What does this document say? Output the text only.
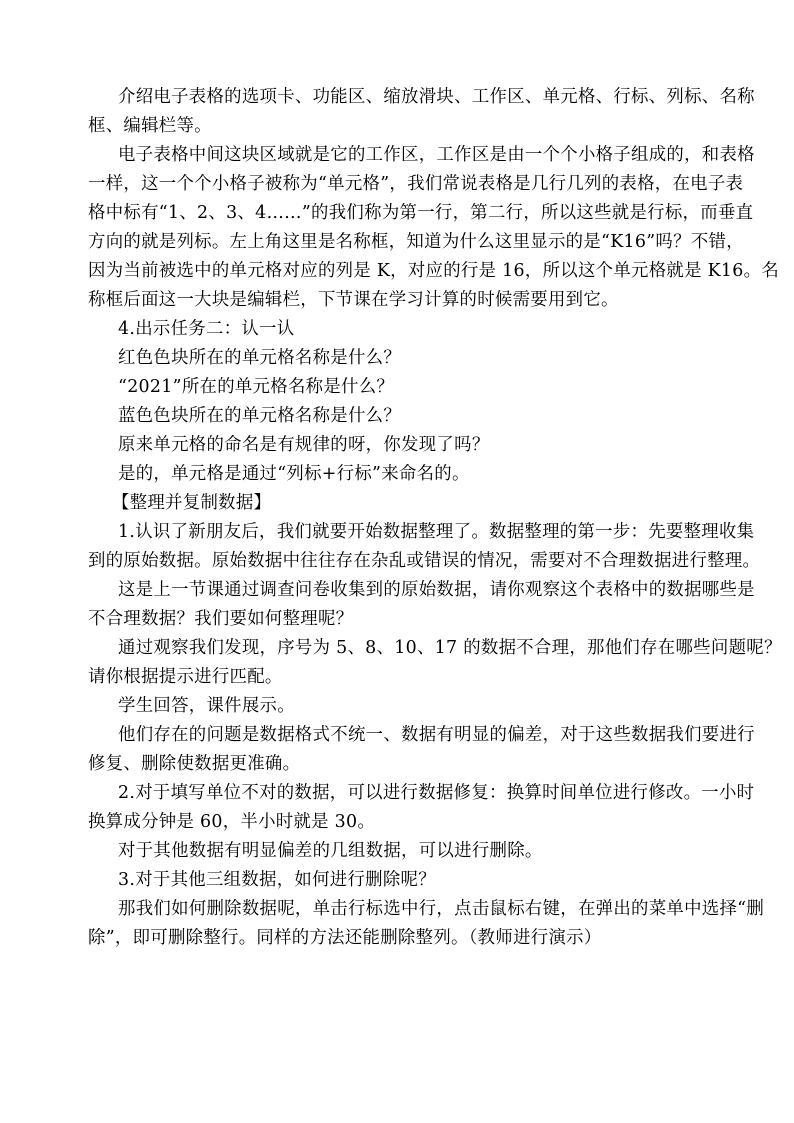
介绍电子表格的选项卡、功能区、缩放滑块、工作区、单元格、行标、列标、名称
框、编辑栏等。
电子表格中间这块区域就是它的工作区，工作区是由一个个小格子组成的，和表格
一样，这一个个小格子被称为“单元格”，我们常说表格是几行几列的表格，在电子表
格中标有“1、2、3、4……”的我们称为第一行，第二行，所以这些就是行标，而垂直
方向的就是列标。左上角这里是名称框，知道为什么这里显示的是“K16”吗？不错，
因为当前被选中的单元格对应的列是 K，对应的行是 16，所以这个单元格就是 K16。名
称框后面这一大块是编辑栏，下节课在学习计算的时候需要用到它。
4.出示任务二：认一认
红色色块所在的单元格名称是什么？
“2021”所在的单元格名称是什么？
蓝色色块所在的单元格名称是什么？
原来单元格的命名是有规律的呀，你发现了吗？
是的，单元格是通过“列标+行标”来命名的。
【整理并复制数据】
1.认识了新朋友后，我们就要开始数据整理了。数据整理的第一步：先要整理收集
到的原始数据。原始数据中往往存在杂乱或错误的情况，需要对不合理数据进行整理。
这是上一节课通过调查问卷收集到的原始数据，请你观察这个表格中的数据哪些是
不合理数据？我们要如何整理呢？
通过观察我们发现，序号为 5、8、10、17 的数据不合理，那他们存在哪些问题呢？
请你根据提示进行匹配。
学生回答，课件展示。
他们存在的问题是数据格式不统一、数据有明显的偏差，对于这些数据我们要进行
修复、删除使数据更准确。
2.对于填写单位不对的数据，可以进行数据修复：换算时间单位进行修改。一小时
换算成分钟是 60，半小时就是 30。
对于其他数据有明显偏差的几组数据，可以进行删除。
3.对于其他三组数据，如何进行删除呢？
那我们如何删除数据呢，单击行标选中行，点击鼠标右键，在弹出的菜单中选择“删
除”，即可删除整行。同样的方法还能删除整列。（教师进行演示）
